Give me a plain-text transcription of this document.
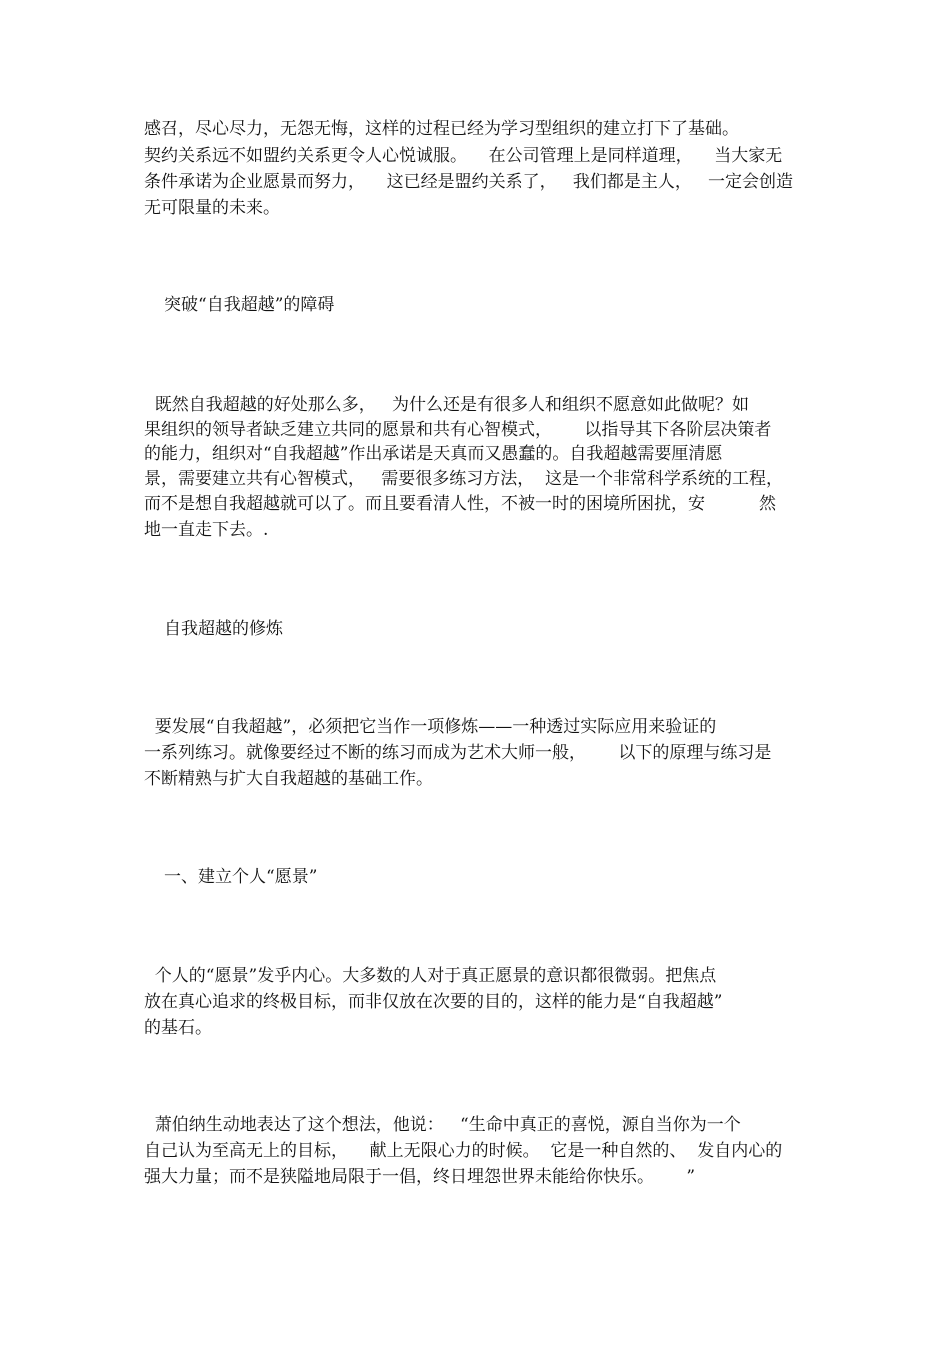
感召，尽心尽力，无怨无悔，这样的过程已经为学习型组织的建立打下了基础。
契约关系远不如盟约关系更令人心悦诚服。    在公司管理上是同样道理，    当大家无
条件承诺为企业愿景而努力，    这已经是盟约关系了，   我们都是主人，   一定会创造
无可限量的未来。
突破“自我超越”的障碍
既然自我超越的好处那么多，   为什么还是有很多人和组织不愿意如此做呢？如
果组织的领导者缺乏建立共同的愿景和共有心智模式，      以指导其下各阶层决策者
的能力，组织对“自我超越”作出承诺是天真而又愚蠢的。自我超越需要厘清愿
景，需要建立共有心智模式，   需要很多练习方法，  这是一个非常科学系统的工程，
而不是想自我超越就可以了。而且要看清人性，不被一时的困境所困扰，安          然
地一直走下去。.
自我超越的修炼
要发展“自我超越”，必须把它当作一项修炼——一种透过实际应用来验证的
一系列练习。就像要经过不断的练习而成为艺术大师一般，      以下的原理与练习是
不断精熟与扩大自我超越的基础工作。
一、建立个人“愿景”
个人的“愿景”发乎内心。大多数的人对于真正愿景的意识都很微弱。把焦点
放在真心追求的终极目标，而非仅放在次要的目的，这样的能力是“自我超越”
的基石。
萧伯纳生动地表达了这个想法，他说：   “生命中真正的喜悦，源自当你为一个
自己认为至高无上的目标，    献上无限心力的时候。  它是一种自然的、  发自内心的
强大力量；而不是狭隘地局限于一倡，终日埋怨世界未能给你快乐。      ”
